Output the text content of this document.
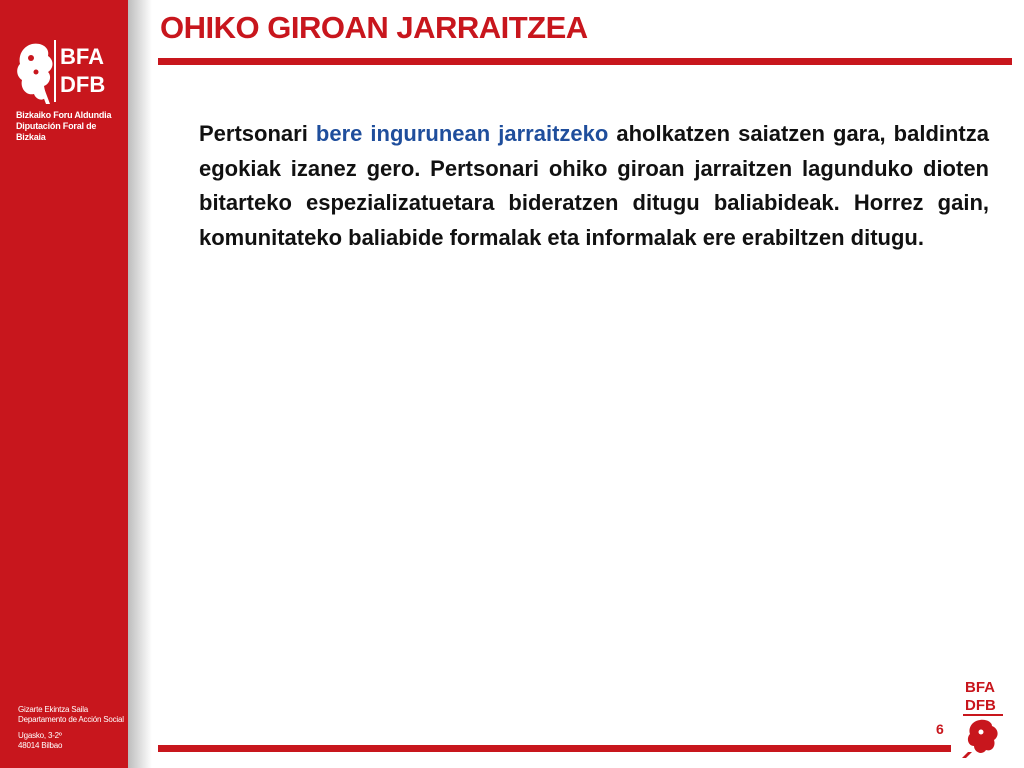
BFA
DFB
Bizkaiko Foru Aldundia
Diputación Foral de Bizkaia
Gizarte Ekintza Saila
Departamento de Acción Social
Ugasko, 3-2º
48014 Bilbao
OHIKO GIROAN JARRAITZEA

Pertsonari bere ingurunean jarraitzeko aholkatzen saiatzen gara, baldintza egokiak izanez gero. Pertsonari ohiko giroan jarraitzen lagunduko dioten bitarteko espezializatuetara bideratzen ditugu baliabideak. Horrez gain, komunitateko baliabide formalak eta informalak ere erabiltzen ditugu.

6
BFA
DFB
